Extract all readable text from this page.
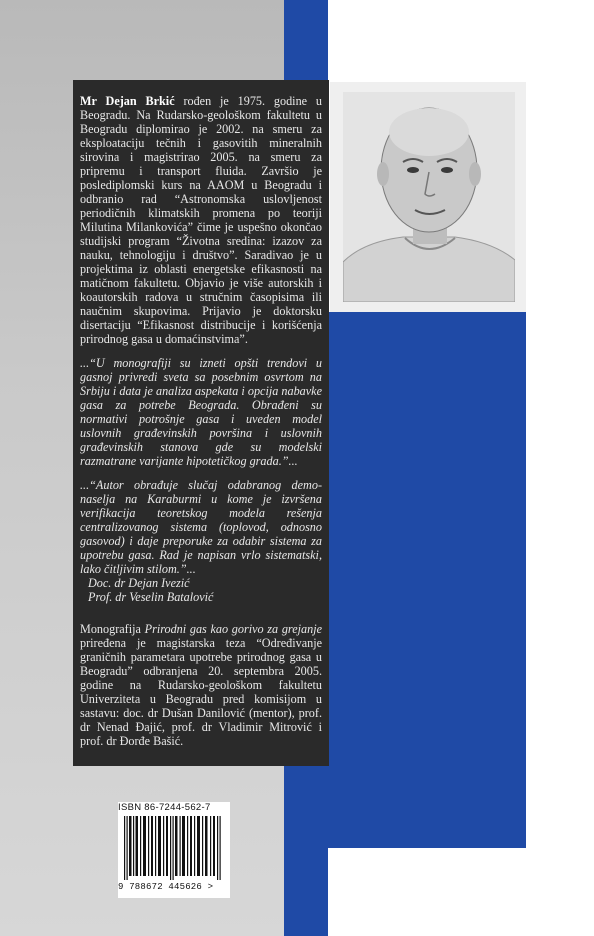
Mr Dejan Brkić rođen je 1975. godine u Beogradu. Na Rudarsko-geološkom fakultetu u Beogradu diplomirao je 2002. na smeru za eksploataciju tečnih i gasovitih mineralnih sirovina i magistrirao 2005. na smeru za pripremu i transport fluida. Završio je poslediplomski kurs na AAOM u Beogradu i odbranio rad “Astronomska uslovljenost periodičnih klimatskih promena po teoriji Milutina Milankovića” čime je uspešno okončao studijski program “Životna sredina: izazov za nauku, tehnologiju i društvo”. Saradivao je u projektima iz oblasti energetske efikasnosti na matičnom fakultetu. Objavio je više autorskih i koautorskih radova u stručnim časopisima ili naučnim skupovima. Prijavio je doktorsku disertaciju “Efikasnost distribucije i korišćenja prirodnog gasa u domaćinstvima”.

...“U monografiji su izneti opšti trendovi u gasnoj privredi sveta sa posebnim osvrtom na Srbiju i data je analiza aspekata i opcija nabavke gasa za potrebe Beograda. Obrađeni su normativi potrošnje gasa i uveden model uslovnih građevinskih površina i uslovnih građevinskih stanova gde su modelski razmatrane varijante hipotetičkog grada.”...

...“Autor obrađuje slučaj odabranog demo-naselja na Karaburmi u kome je izvršena verifikacija teoretskog modela rešenja centralizovanog sistema (toplovod, odnosno gasovod) i daje preporuke za odabir sistema za upotrebu gasa. Rad je napisan vrlo sistematski, lako čitljivim stilom.”...

Doc. dr Dejan Ivezić
Prof. dr Veselin Batalović

Monografija Prirodni gas kao gorivo za grejanje priređena je magistarska teza “Određivanje graničnih parametara upotrebe prirodnog gasa u Beogradu” odbranjena 20. septembra 2005. godine na Rudarsko-geološkom fakultetu Univerziteta u Beogradu pred komisijom u sastavu: doc. dr Dušan Danilović (mentor), prof. dr Nenad Đajić, prof. dr Vladimir Mitrović i prof. dr Đorđe Bašić.

ISBN 86-7244-562-7
9 788672 445626 >
